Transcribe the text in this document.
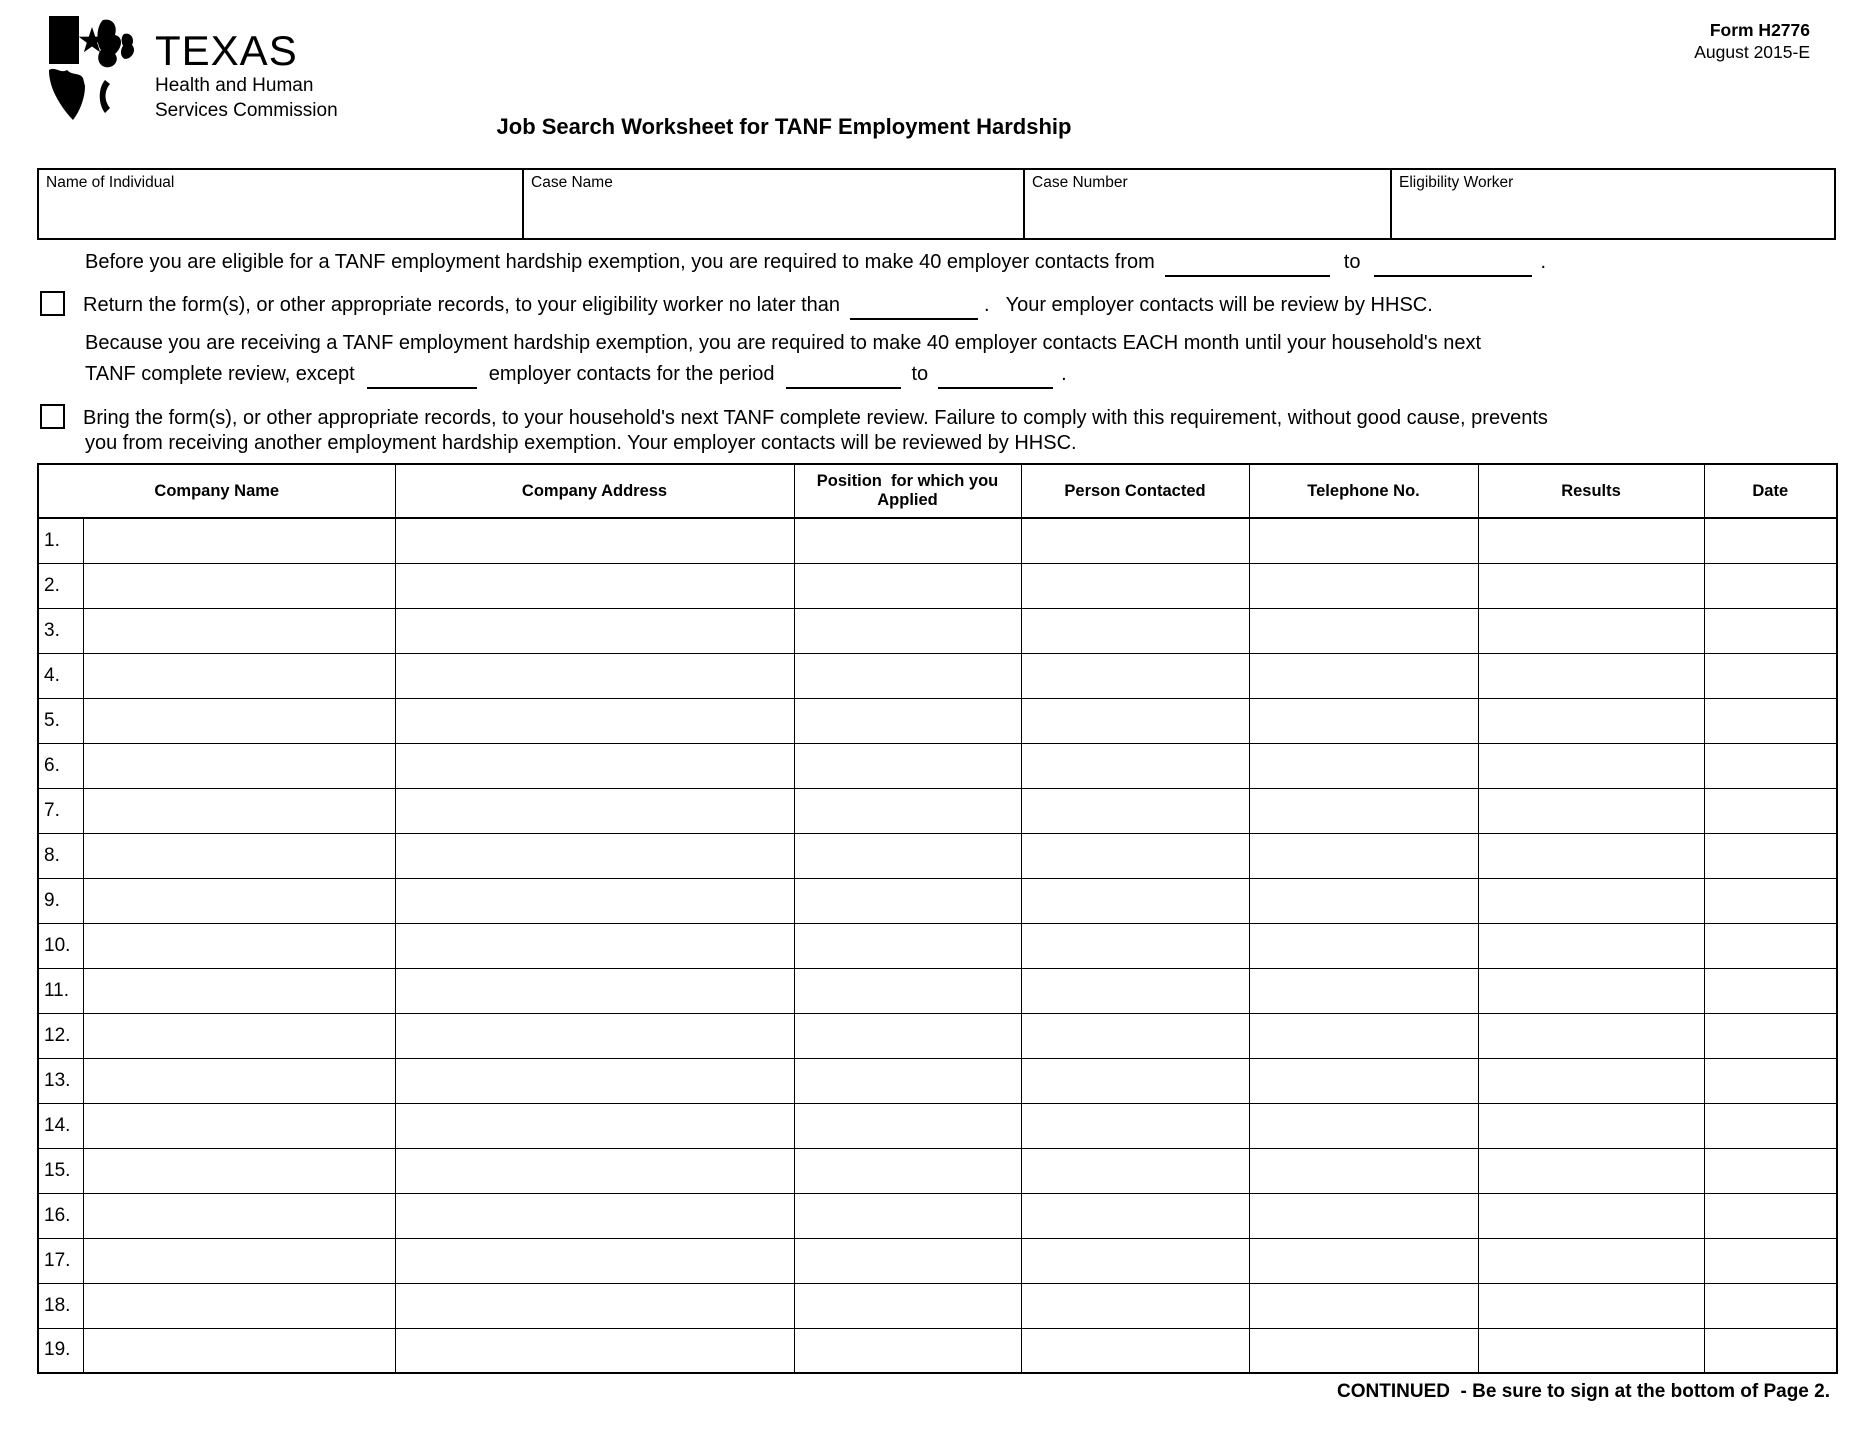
TEXAS
Health and Human
Services Commission
Form H2776
August 2015-E
Job Search Worksheet for TANF Employment Hardship
Name of Individual	Case Name	Case Number	Eligibility Worker
Before you are eligible for a TANF employment hardship exemption, you are required to make 40 employer contacts from	to	.
Return the form(s), or other appropriate records, to your eligibility worker no later than	. Your employer contacts will be review by HHSC.
Because you are receiving a TANF employment hardship exemption, you are required to make 40 employer contacts EACH month until your household's next
TANF complete review, except	employer contacts for the period	to	.
Bring the form(s), or other appropriate records, to your household's next TANF complete review. Failure to comply with this requirement, without good cause, prevents
you from receiving another employment hardship exemption. Your employer contacts will be reviewed by HHSC.
Company Name		Company Address	Position  for which you Applied	Person Contacted	Telephone No.	Results	Date
1.							
2.							
3.							
4.							
5.							
6.							
7.							
8.							
9.							
10.							
11.							
12.							
13.							
14.							
15.							
16.							
17.							
18.							
19.							
CONTINUED  - Be sure to sign at the bottom of Page 2.
